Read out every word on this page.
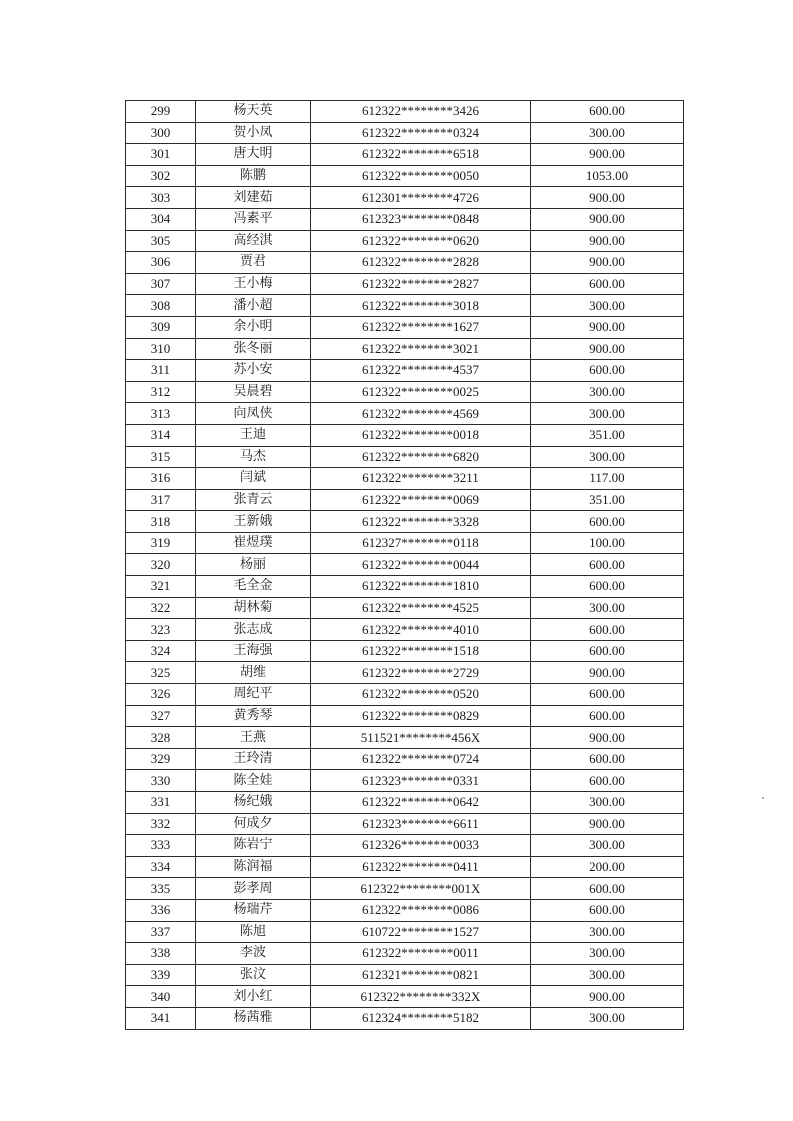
299	杨天英	612322********3426	600.00
300	贺小凤	612322********0324	300.00
301	唐大明	612322********6518	900.00
302	陈鹏	612322********0050	1053.00
303	刘建茹	612301********4726	900.00
304	冯素平	612323********0848	900.00
305	高经淇	612322********0620	900.00
306	贾君	612322********2828	900.00
307	王小梅	612322********2827	600.00
308	潘小超	612322********3018	300.00
309	余小明	612322********1627	900.00
310	张冬丽	612322********3021	900.00
311	苏小安	612322********4537	600.00
312	吴晨碧	612322********0025	300.00
313	向凤侠	612322********4569	300.00
314	王迪	612322********0018	351.00
315	马杰	612322********6820	300.00
316	闫斌	612322********3211	117.00
317	张青云	612322********0069	351.00
318	王新娥	612322********3328	600.00
319	崔煜璞	612327********0118	100.00
320	杨丽	612322********0044	600.00
321	毛全金	612322********1810	600.00
322	胡林菊	612322********4525	300.00
323	张志成	612322********4010	600.00
324	王海强	612322********1518	600.00
325	胡维	612322********2729	900.00
326	周纪平	612322********0520	600.00
327	黄秀琴	612322********0829	600.00
328	王燕	511521********456X	900.00
329	王玲清	612322********0724	600.00
330	陈全娃	612323********0331	600.00
331	杨纪娥	612322********0642	300.00
332	何成夕	612323********6611	900.00
333	陈岩宁	612326********0033	300.00
334	陈润福	612322********0411	200.00
335	彭孝周	612322********001X	600.00
336	杨瑞芹	612322********0086	600.00
337	陈旭	610722********1527	300.00
338	李波	612322********0011	300.00
339	张汶	612321********0821	300.00
340	刘小红	612322********332X	900.00
341	杨茜雅	612324********5182	300.00
